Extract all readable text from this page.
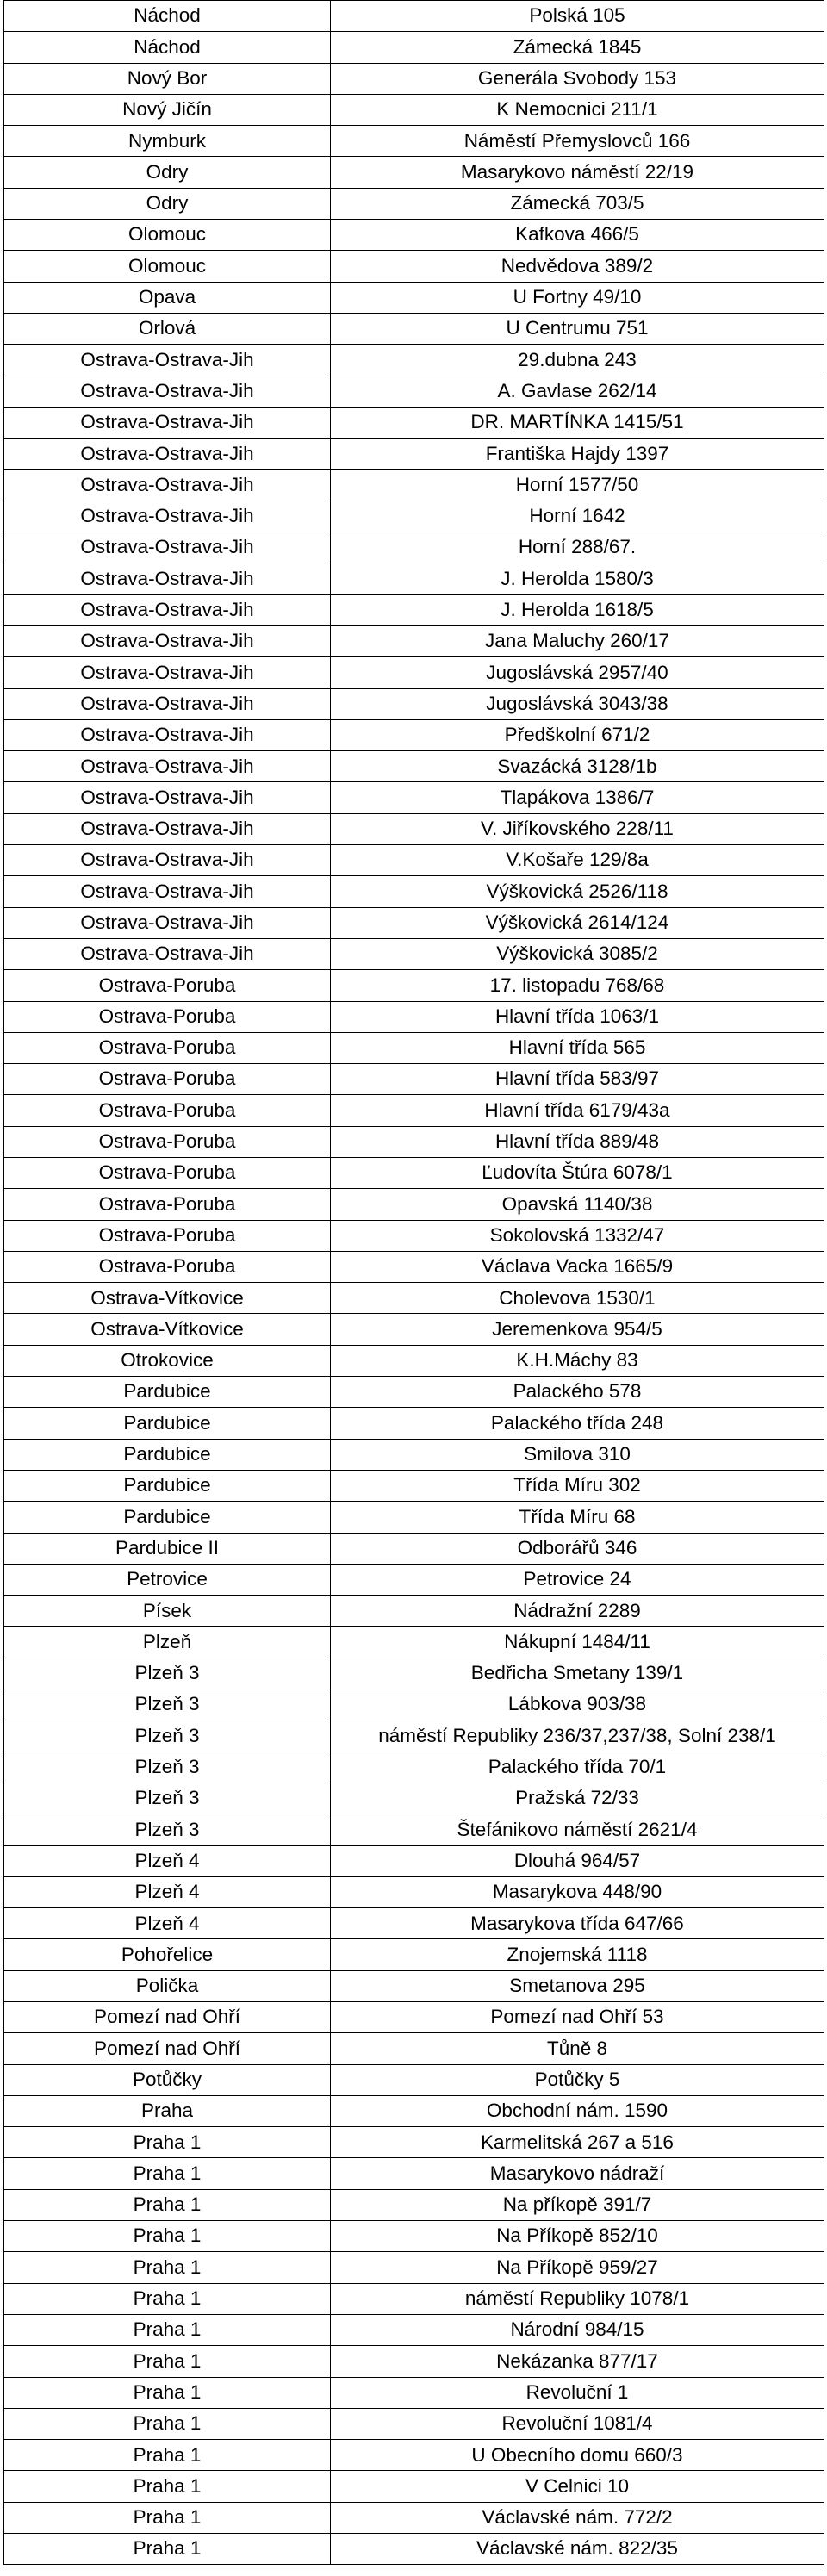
Náchod	Polská 105
Náchod	Zámecká 1845
Nový Bor	Generála Svobody 153
Nový Jičín	K Nemocnici 211/1
Nymburk	Náměstí Přemyslovců 166
Odry	Masarykovo náměstí 22/19
Odry	Zámecká 703/5
Olomouc	Kafkova 466/5
Olomouc	Nedvědova 389/2
Opava	U Fortny 49/10
Orlová	U Centrumu 751
Ostrava-Ostrava-Jih	29.dubna 243
Ostrava-Ostrava-Jih	A. Gavlase 262/14
Ostrava-Ostrava-Jih	DR. MARTÍNKA 1415/51
Ostrava-Ostrava-Jih	Františka Hajdy 1397
Ostrava-Ostrava-Jih	Horní 1577/50
Ostrava-Ostrava-Jih	Horní 1642
Ostrava-Ostrava-Jih	Horní 288/67.
Ostrava-Ostrava-Jih	J. Herolda 1580/3
Ostrava-Ostrava-Jih	J. Herolda 1618/5
Ostrava-Ostrava-Jih	Jana Maluchy 260/17
Ostrava-Ostrava-Jih	Jugoslávská 2957/40
Ostrava-Ostrava-Jih	Jugoslávská 3043/38
Ostrava-Ostrava-Jih	Předškolní 671/2
Ostrava-Ostrava-Jih	Svazácká 3128/1b
Ostrava-Ostrava-Jih	Tlapákova 1386/7
Ostrava-Ostrava-Jih	V. Jiříkovského 228/11
Ostrava-Ostrava-Jih	V.Košaře 129/8a
Ostrava-Ostrava-Jih	Výškovická 2526/118
Ostrava-Ostrava-Jih	Výškovická 2614/124
Ostrava-Ostrava-Jih	Výškovická 3085/2
Ostrava-Poruba	17. listopadu 768/68
Ostrava-Poruba	Hlavní třída 1063/1
Ostrava-Poruba	Hlavní třída 565
Ostrava-Poruba	Hlavní třída 583/97
Ostrava-Poruba	Hlavní třída 6179/43a
Ostrava-Poruba	Hlavní třída 889/48
Ostrava-Poruba	Ľudovíta Štúra 6078/1
Ostrava-Poruba	Opavská 1140/38
Ostrava-Poruba	Sokolovská 1332/47
Ostrava-Poruba	Václava Vacka 1665/9
Ostrava-Vítkovice	Cholevova 1530/1
Ostrava-Vítkovice	Jeremenkova 954/5
Otrokovice	K.H.Máchy 83
Pardubice	Palackého 578
Pardubice	Palackého třída 248
Pardubice	Smilova 310
Pardubice	Třída Míru 302
Pardubice	Třída Míru 68
Pardubice II	Odborářů 346
Petrovice	Petrovice 24
Písek	Nádražní 2289
Plzeň	Nákupní 1484/11
Plzeň 3	Bedřicha Smetany 139/1
Plzeň 3	Lábkova 903/38
Plzeň 3	náměstí Republiky 236/37,237/38, Solní 238/1
Plzeň 3	Palackého třída 70/1
Plzeň 3	Pražská 72/33
Plzeň 3	Štefánikovo náměstí 2621/4
Plzeň 4	Dlouhá 964/57
Plzeň 4	Masarykova 448/90
Plzeň 4	Masarykova třída 647/66
Pohořelice	Znojemská 1118
Polička	Smetanova 295
Pomezí nad Ohří	Pomezí nad Ohří 53
Pomezí nad Ohří	Tůně 8
Potůčky	Potůčky 5
Praha	Obchodní nám. 1590
Praha 1	Karmelitská 267 a 516
Praha 1	Masarykovo nádraží
Praha 1	Na příkopě 391/7
Praha 1	Na Příkopě 852/10
Praha 1	Na Příkopě 959/27
Praha 1	náměstí Republiky 1078/1
Praha 1	Národní 984/15
Praha 1	Nekázanka 877/17
Praha 1	Revoluční 1
Praha 1	Revoluční 1081/4
Praha 1	U Obecního domu 660/3
Praha 1	V Celnici 10
Praha 1	Václavské nám. 772/2
Praha 1	Václavské nám. 822/35
